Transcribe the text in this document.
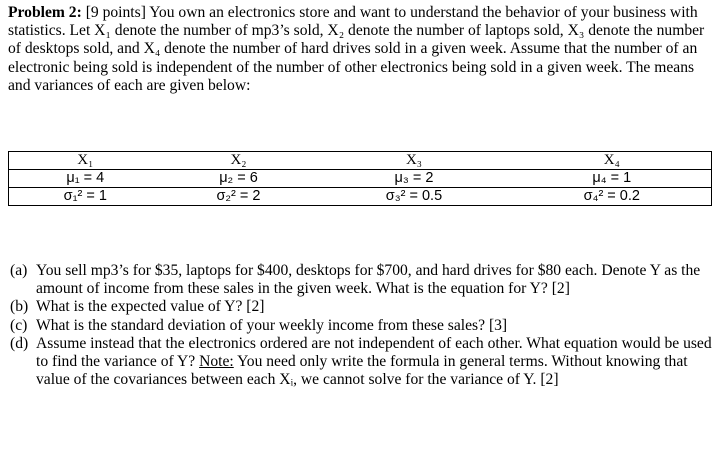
Problem 2: [9 points] You own an electronics store and want to understand the behavior of your business with statistics. Let X₁ denote the number of mp3’s sold, X₂ denote the number of laptops sold, X₃ denote the number of desktops sold, and X₄ denote the number of hard drives sold in a given week. Assume that the number of an electronic being sold is independent of the number of other electronics being sold in a given week. The means and variances of each are given below:

X₁	X₂	X₃	X₄
μ₁ = 4	μ₂ = 6	μ₃ = 2	μ₄ = 1
σ₁² = 1	σ₂² = 2	σ₃² = 0.5	σ₄² = 0.2
(a) You sell mp3’s for $35, laptops for $400, desktops for $700, and hard drives for $80 each. Denote Y as the amount of income from these sales in the given week. What is the equation for Y? [2]
(b) What is the expected value of Y? [2]
(c) What is the standard deviation of your weekly income from these sales? [3]
(d) Assume instead that the electronics ordered are not independent of each other. What equation would be used to find the variance of Y? Note: You need only write the formula in general terms. Without knowing that value of the covariances between each Xᵢ, we cannot solve for the variance of Y. [2]
